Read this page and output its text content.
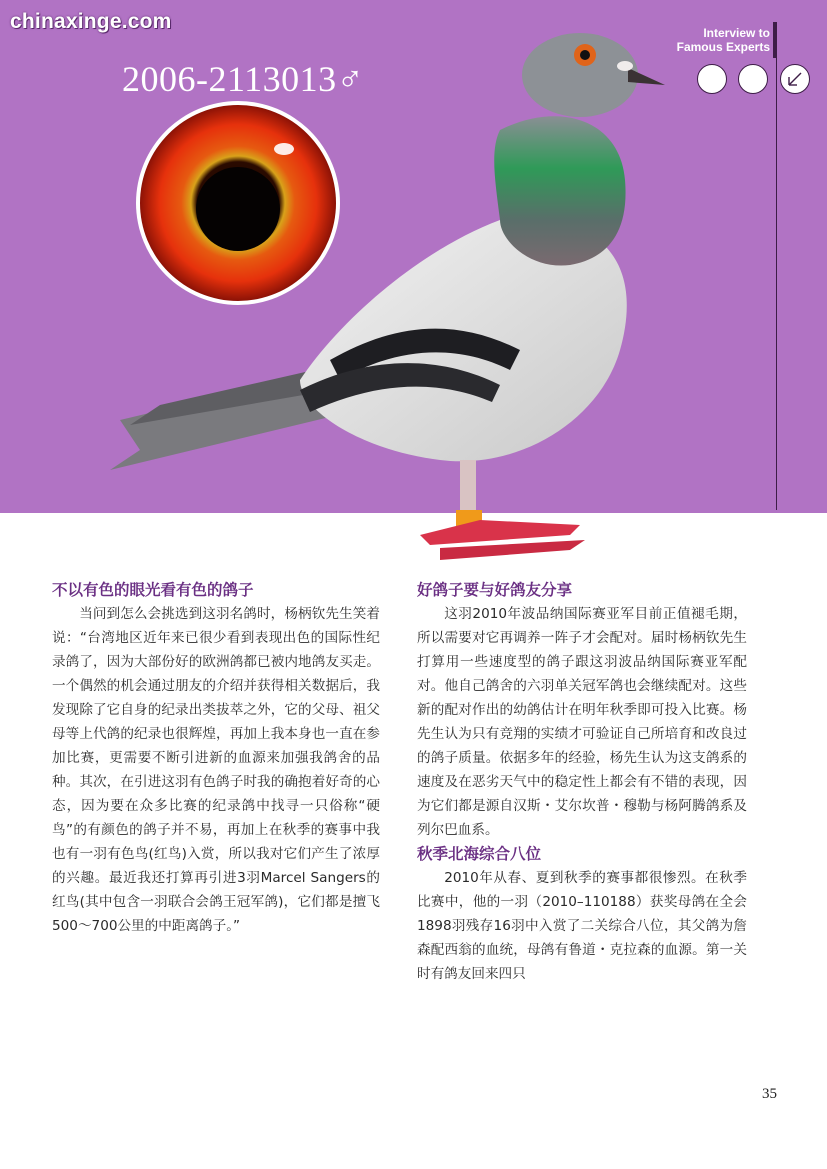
chinaxinge.com
2006-2113013♂
Interview to
Famous Experts
不以有色的眼光看有色的鸽子

当问到怎么会挑选到这羽名鸽时，杨柄钦先生笑着说：“台湾地区近年来已很少看到表现出色的国际性纪录鸽了，因为大部份好的欧洲鸽都已被内地鸽友买走。一个偶然的机会通过朋友的介绍并获得相关数据后，我发现除了它自身的纪录出类拔萃之外，它的父母、祖父母等上代鸽的纪录也很辉煌，再加上我本身也一直在参加比赛，更需要不断引进新的血源来加强我鸽舍的品种。其次，在引进这羽有色鸽子时我的确抱着好奇的心态，因为要在众多比赛的纪录鸽中找寻一只俗称“硬鸟”的有颜色的鸽子并不易，再加上在秋季的赛事中我也有一羽有色鸟(红鸟)入赏，所以我对它们产生了浓厚的兴趣。最近我还打算再引进3羽Marcel Sangers的红鸟(其中包含一羽联合会鸽王冠军鸽)，它们都是擅飞500～700公里的中距离鸽子。”

好鸽子要与好鸽友分享

这羽2010年波品纳国际赛亚军目前正值褪毛期，所以需要对它再调养一阵子才会配对。届时杨柄钦先生打算用一些速度型的鸽子跟这羽波品纳国际赛亚军配对。他自己鸽舍的六羽单关冠军鸽也会继续配对。这些新的配对作出的幼鸽估计在明年秋季即可投入比赛。杨先生认为只有竞翔的实绩才可验证自己所培育和改良过的鸽子质量。依据多年的经验，杨先生认为这支鸽系的速度及在恶劣天气中的稳定性上都会有不错的表现，因为它们都是源自汉斯・艾尔坎普・穆勒与杨阿腾鸽系及列尔巴血系。

秋季北海综合八位

2010年从春、夏到秋季的赛事都很惨烈。在秋季比赛中，他的一羽（2010–110188）获奖母鸽在全会1898羽残存16羽中入赏了二关综合八位，其父鸽为詹森配西翁的血统，母鸽有鲁道・克拉森的血源。第一关时有鸽友回来四只

35
